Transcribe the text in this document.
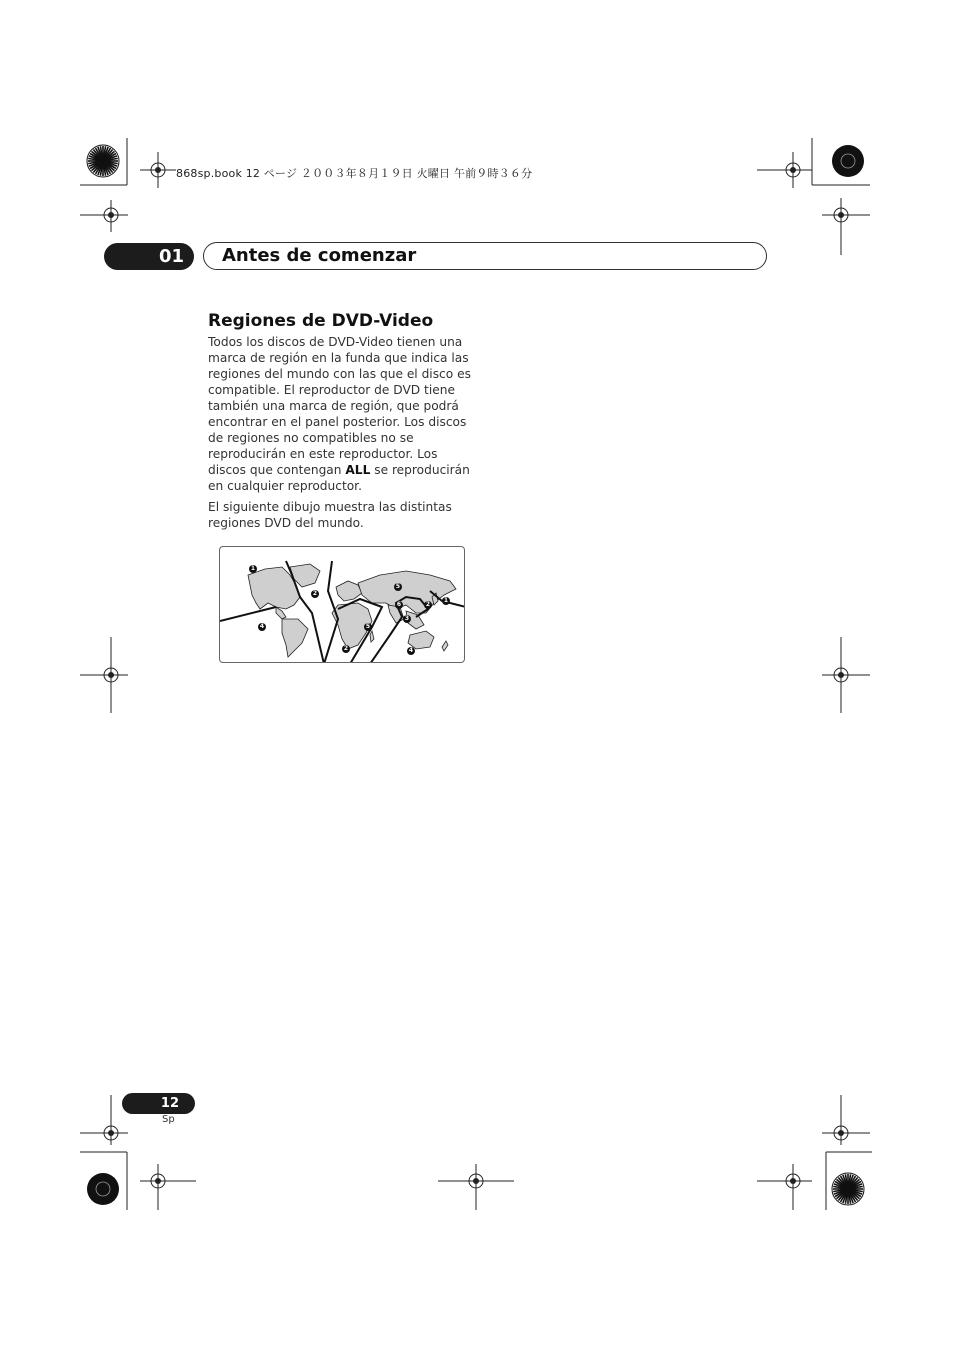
868sp.book 12 ページ ２００３年８月１９日 火曜日 午前９時３６分
01	Antes de comenzar
Regiones de DVD-Video
Todos los discos de DVD-Video tienen una marca de región en la funda que indica las regiones del mundo con las que el disco es compatible. El reproductor de DVD tiene también una marca de región, que podrá encontrar en el panel posterior. Los discos de regiones no compatibles no se reproducirán en este reproductor. Los discos que contengan ALL se reproducirán en cualquier reproductor.
El siguiente dibujo muestra las distintas regiones DVD del mundo.
1
2
5
6	2
1
3
4	5
2	4
12
Sp
